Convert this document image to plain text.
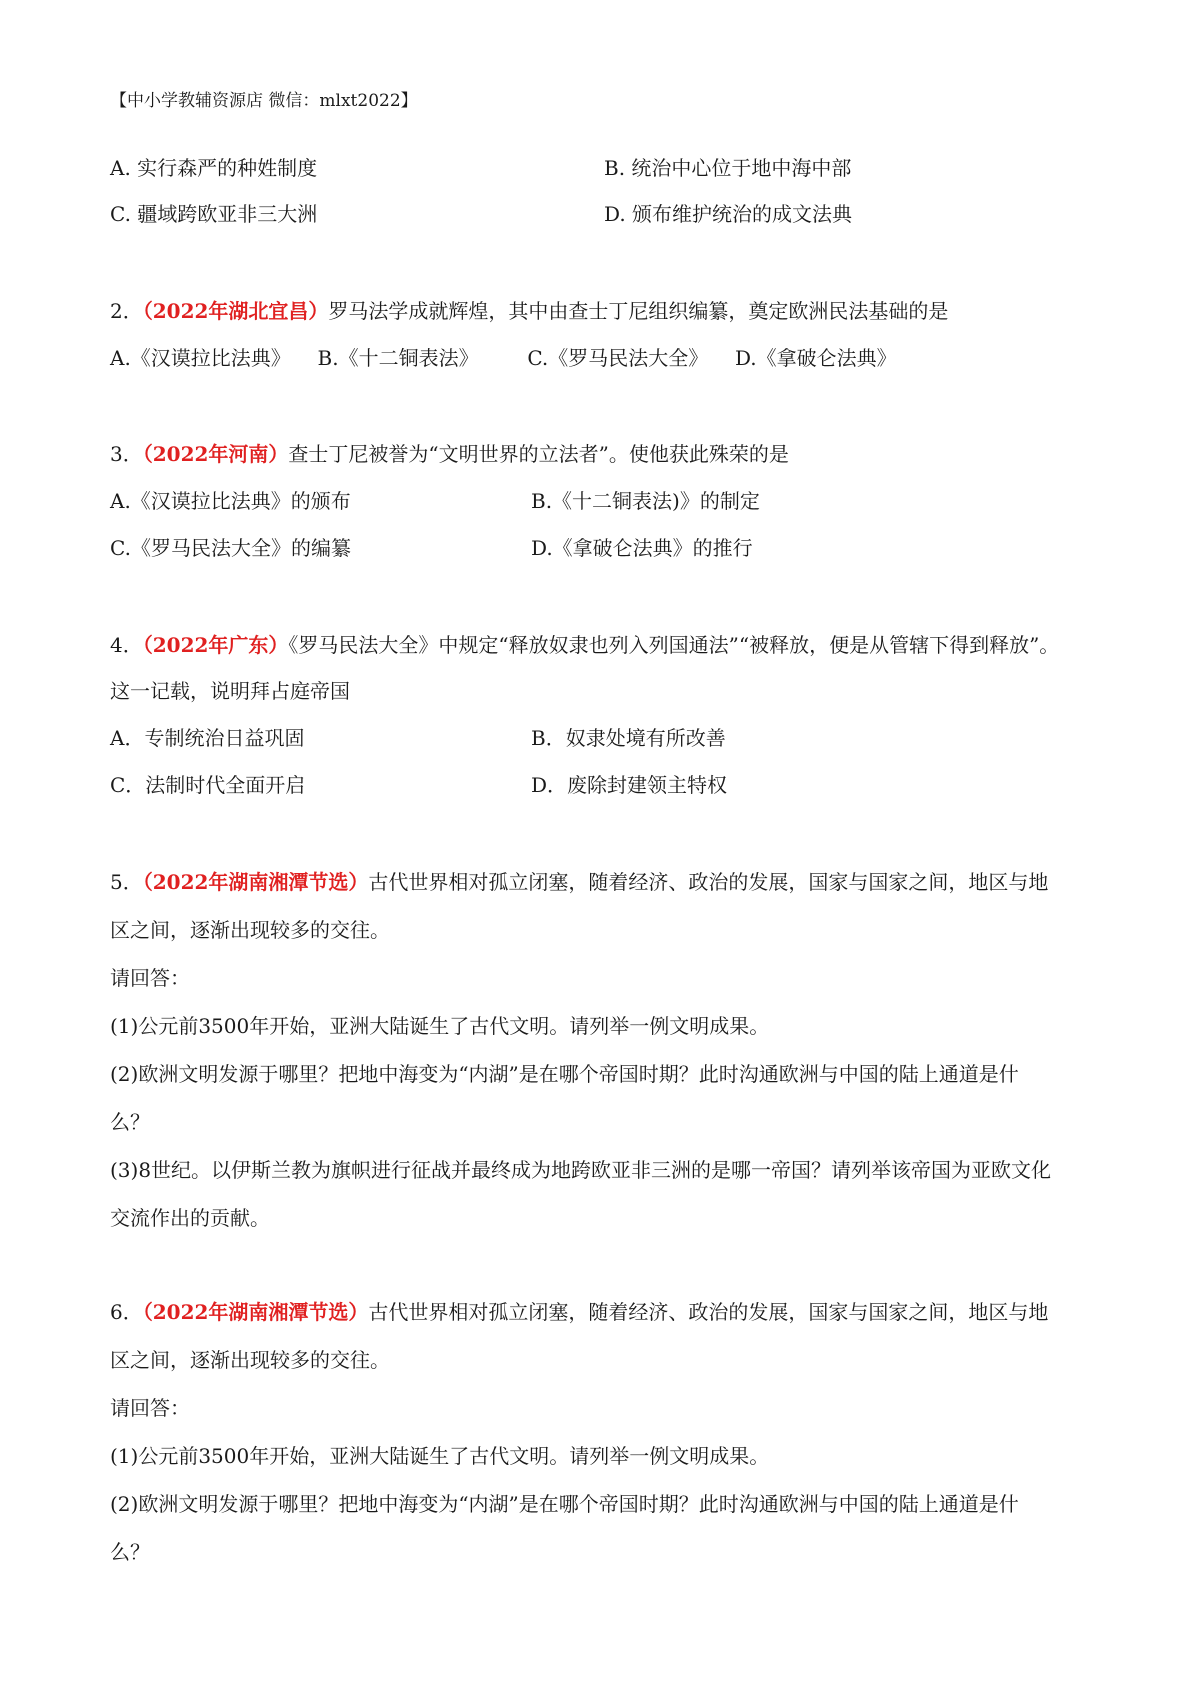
【中小学教辅资源店 微信：mlxt2022】
A. 实行森严的种姓制度	B. 统治中心位于地中海中部
C. 疆域跨欧亚非三大洲	D. 颁布维护统治的成文法典
2．（2022年湖北宜昌）罗马法学成就辉煌，其中由查士丁尼组织编纂，奠定欧洲民法基础的是
A.《汉谟拉比法典》 B.《十二铜表法》 C.《罗马民法大全》 D.《拿破仑法典》
3．（2022年河南）查士丁尼被誉为“文明世界的立法者”。使他获此殊荣的是
A.《汉谟拉比法典》的颁布	B.《十二铜表法)》的制定
C.《罗马民法大全》的编纂	D.《拿破仑法典》的推行
4．（2022年广东）《罗马民法大全》中规定“释放奴隶也列入列国通法”“被释放，便是从管辖下得到释放”。
这一记载，说明拜占庭帝国
A．专制统治日益巩固	B．奴隶处境有所改善
C．法制时代全面开启	D．废除封建领主特权
5．（2022年湖南湘潭节选）古代世界相对孤立闭塞，随着经济、政治的发展，国家与国家之间，地区与地
区之间，逐渐出现较多的交往。
请回答：
(1)公元前3500年开始，亚洲大陆诞生了古代文明。请列举一例文明成果。
(2)欧洲文明发源于哪里？把地中海变为“内湖”是在哪个帝国时期？此时沟通欧洲与中国的陆上通道是什
么？
(3)8世纪。以伊斯兰教为旗帜进行征战并最终成为地跨欧亚非三洲的是哪一帝国？请列举该帝国为亚欧文化
交流作出的贡献。
6．（2022年湖南湘潭节选）古代世界相对孤立闭塞，随着经济、政治的发展，国家与国家之间，地区与地
区之间，逐渐出现较多的交往。
请回答：
(1)公元前3500年开始，亚洲大陆诞生了古代文明。请列举一例文明成果。
(2)欧洲文明发源于哪里？把地中海变为“内湖”是在哪个帝国时期？此时沟通欧洲与中国的陆上通道是什
么？
